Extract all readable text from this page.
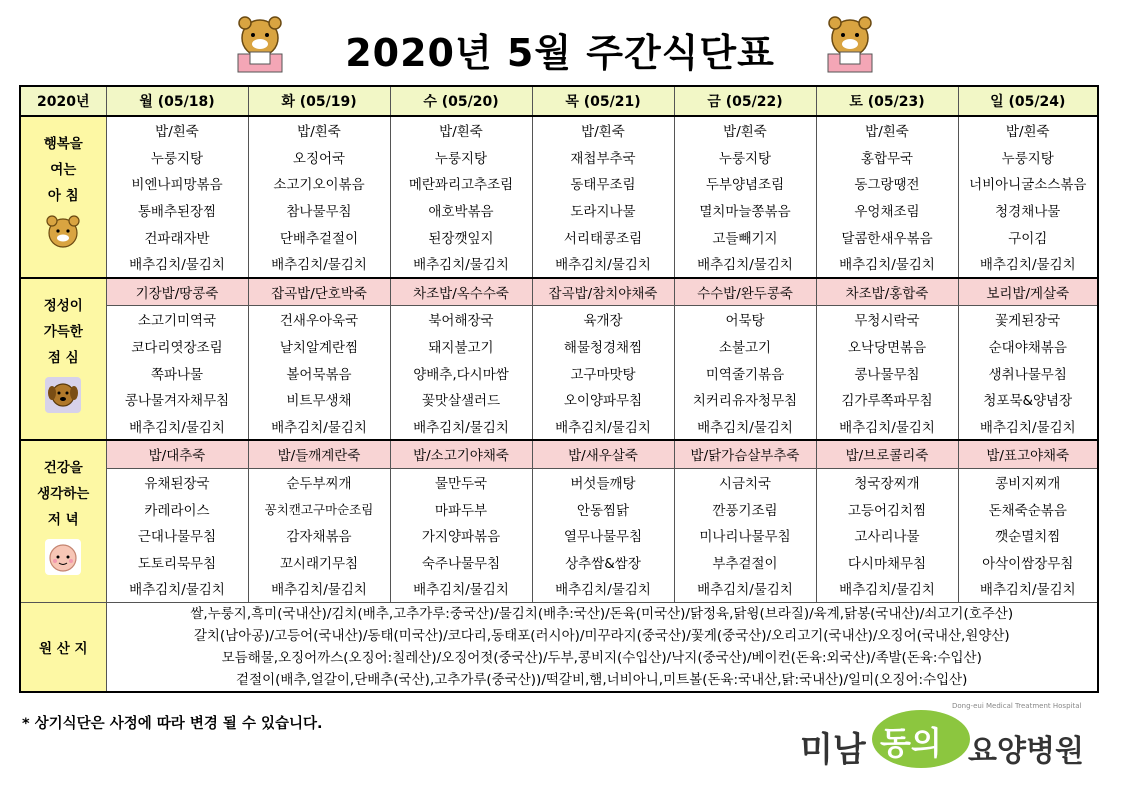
2020년 5월 주간식단표
2020년	월 (05/18)	화 (05/19)	수 (05/20)	목 (05/21)	금 (05/22)	토 (05/23)	일 (05/24)

행복을
여는
아 침	밥/흰죽	밥/흰죽	밥/흰죽	밥/흰죽	밥/흰죽	밥/흰죽	밥/흰죽
	누룽지탕	오징어국	누룽지탕	재첩부추국	누룽지탕	홍합무국	누룽지탕
	비엔나피망볶음	소고기오이볶음	메란꽈리고추조림	동태무조림	두부양념조림	동그랑땡전	너비아니굴소스볶음
	통배추된장찜	참나물무침	애호박볶음	도라지나물	멸치마늘쫑볶음	우엉채조림	청경채나물
	건파래자반	단배추겉절이	된장깻잎지	서리태콩조림	고들빼기지	달콤한새우볶음	구이김
	배추김치/물김치	배추김치/물김치	배추김치/물김치	배추김치/물김치	배추김치/물김치	배추김치/물김치	배추김치/물김치

정성이
가득한
점 심	기장밥/땅콩죽	잡곡밥/단호박죽	차조밥/옥수수죽	잡곡밥/참치야채죽	수수밥/완두콩죽	차조밥/홍합죽	보리밥/게살죽
	소고기미역국	건새우아욱국	북어해장국	육개장	어묵탕	무청시락국	꽃게된장국
	코다리엿장조림	날치알계란찜	돼지불고기	해물청경채찜	소불고기	오낙당면볶음	순대야채볶음
	쪽파나물	볼어묵볶음	양배추,다시마쌈	고구마맛탕	미역줄기볶음	콩나물무침	생취나물무침
	콩나물겨자채무침	비트무생채	꽃맛살샐러드	오이양파무침	치커리유자청무침	김가루쪽파무침	청포묵&양념장
	배추김치/물김치	배추김치/물김치	배추김치/물김치	배추김치/물김치	배추김치/물김치	배추김치/물김치	배추김치/물김치

건강을
생각하는
저 녁	밥/대추죽	밥/들깨계란죽	밥/소고기야채죽	밥/새우살죽	밥/닭가슴살부추죽	밥/브로콜리죽	밥/표고야채죽
	유채된장국	순두부찌개	물만두국	버섯들깨탕	시금치국	청국장찌개	콩비지찌개
	카레라이스	꽁치캔고구마순조림	마파두부	안동찜닭	깐풍기조림	고등어김치찜	돈채죽순볶음
	근대나물무침	감자채볶음	가지양파볶음	열무나물무침	미나리나물무침	고사리나물	깻순멸치찜
	도토리묵무침	꼬시래기무침	숙주나물무침	상추쌈&쌈장	부추겉절이	다시마채무침	아삭이쌈장무침
	배추김치/물김치	배추김치/물김치	배추김치/물김치	배추김치/물김치	배추김치/물김치	배추김치/물김치	배추김치/물김치
원 산 지	쌀,누룽지,흑미(국내산)/김치(배추,고추가루:중국산)/물김치(배추:국산)/돈육(미국산)/닭정육,닭윙(브라질)/육계,닭봉(국내산)/쇠고기(호주산)
갈치(남아공)/고등어(국내산)/동태(미국산)/코다리,동태포(러시아)/미꾸라지(중국산)/꽃게(중국산)/오리고기(국내산)/오징어(국내산,원양산)
모듬해물,오징어까스(오징어:칠레산)/오징어젓(중국산)/두부,콩비지(수입산)/낙지(중국산)/베이컨(돈육:외국산)/족발(돈육:수입산)
겉절이(배추,얼갈이,단배추(국산),고추가루(중국산))/떡갈비,햄,너비아니,미트볼(돈육:국내산,닭:국내산)/일미(오징어:수입산)						
* 상기식단은 사정에 따라 변경 될 수 있습니다.
미남 동의
Dong-eui Medical Treatment Hospital
요양병원
